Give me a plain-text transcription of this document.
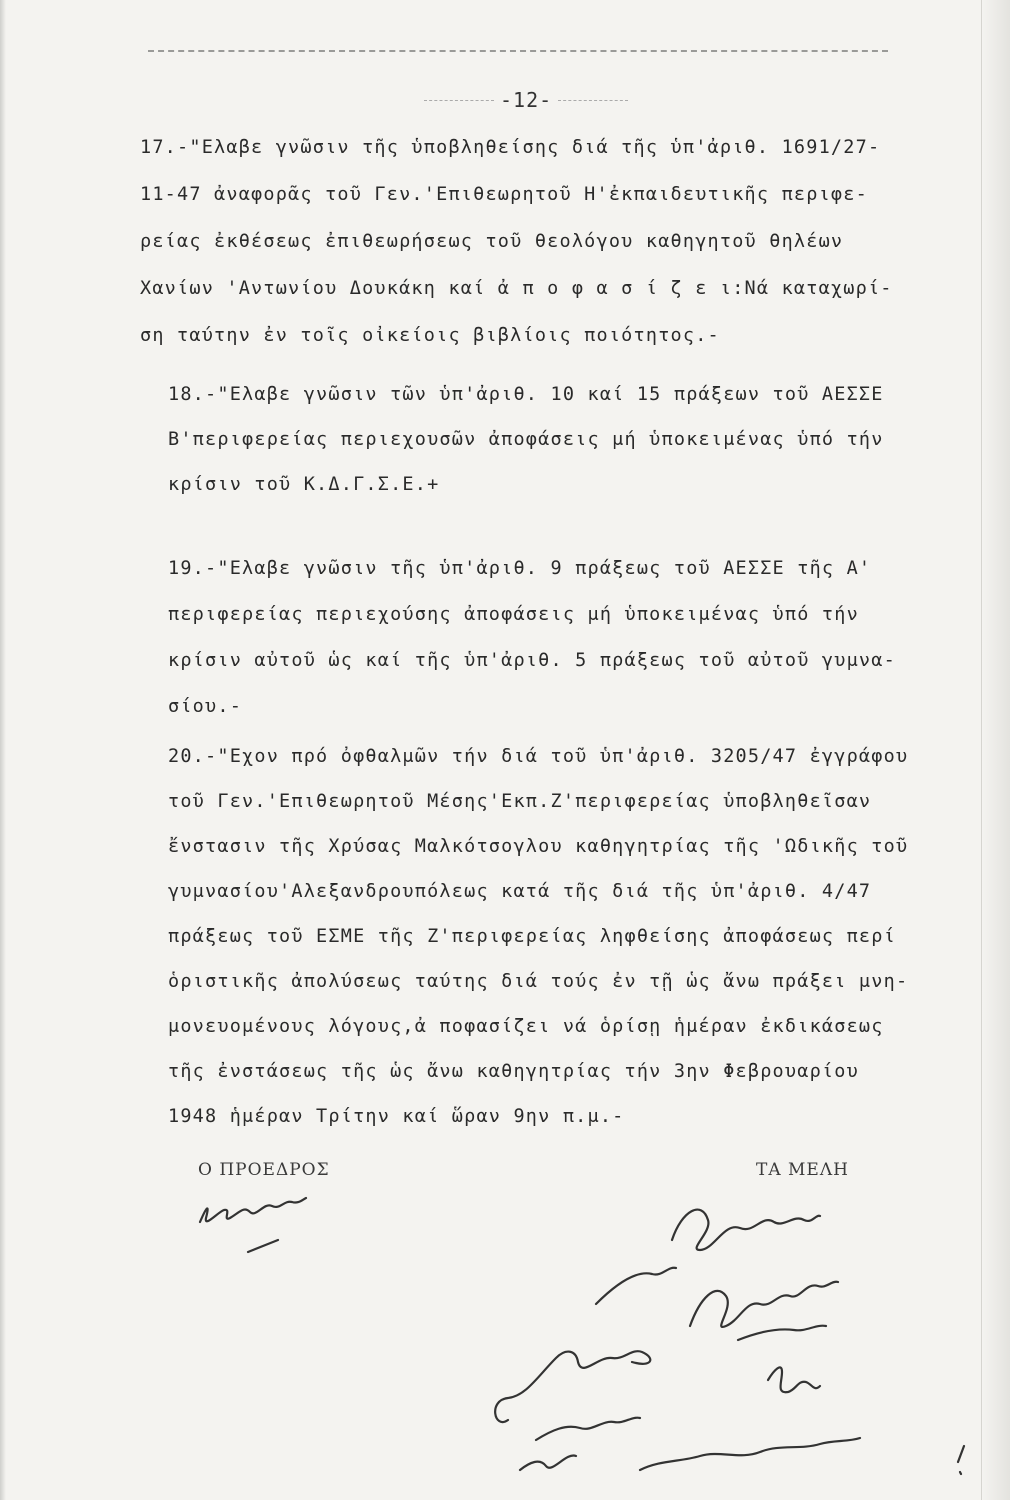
-12-
17.-"Ελαβε γνῶσιν τῆς ὑποβληθείσης διά τῆς ὑπ'ἀριθ. 1691/27-
11-47 ἀναφορᾶς τοῦ Γεν.'Επιθεωρητοῦ Η'ἐκπαιδευτικῆς περιφε-
ρείας ἐκθέσεως ἐπιθεωρήσεως τοῦ θεολόγου καθηγητοῦ θηλέων
Χανίων 'Αντωνίου Δουκάκη καί ἀ π ο φ α σ ί ζ ε ι:Νά καταχωρί-
ση ταύτην ἐν τοῖς οἰκείοις βιβλίοις ποιότητος.-
18.-"Ελαβε γνῶσιν τῶν ὑπ'ἀριθ. 10 καί 15 πράξεων τοῦ ΑΕΣΣΕ
Β'περιφερείας περιεχουσῶν ἀποφάσεις μή ὑποκειμένας ὑπό τήν
κρίσιν τοῦ Κ.Δ.Γ.Σ.Ε.+
19.-"Ελαβε γνῶσιν τῆς ὑπ'ἀριθ. 9 πράξεως τοῦ ΑΕΣΣΕ τῆς Α'
περιφερείας περιεχούσης ἀποφάσεις μή ὑποκειμένας ὑπό τήν
κρίσιν αὐτοῦ ὡς καί τῆς ὑπ'ἀριθ. 5 πράξεως τοῦ αὐτοῦ γυμνα-
σίου.-
20.-"Εχον πρό ὀφθαλμῶν τήν διά τοῦ ὑπ'ἀριθ. 3205/47 ἐγγράφου
τοῦ Γεν.'Επιθεωρητοῦ Μέσης'Εκπ.Ζ'περιφερείας ὑποβληθεῖσαν
ἔνστασιν τῆς Χρύσας Μαλκότσογλου καθηγητρίας τῆς 'Ωδικῆς τοῦ
γυμνασίου'Αλεξανδρουπόλεως κατά τῆς διά τῆς ὑπ'ἀριθ. 4/47
πράξεως τοῦ ΕΣΜΕ τῆς Ζ'περιφερείας ληφθείσης ἀποφάσεως περί
ὁριστικῆς ἀπολύσεως ταύτης διά τούς ἐν τῇ ὡς ἄνω πράξει μνη-
μονευομένους λόγους,ἀ ποφασίζει νά ὁρίσῃ ἡμέραν ἐκδικάσεως
τῆς ἐνστάσεως τῆς ὡς ἄνω καθηγητρίας τήν 3ην Φεβρουαρίου
1948 ἡμέραν Τρίτην καί ὥραν 9ην π.μ.-
Ο ΠΡΟΕΔΡΟΣ	ΤΑ ΜΕΛΗ
